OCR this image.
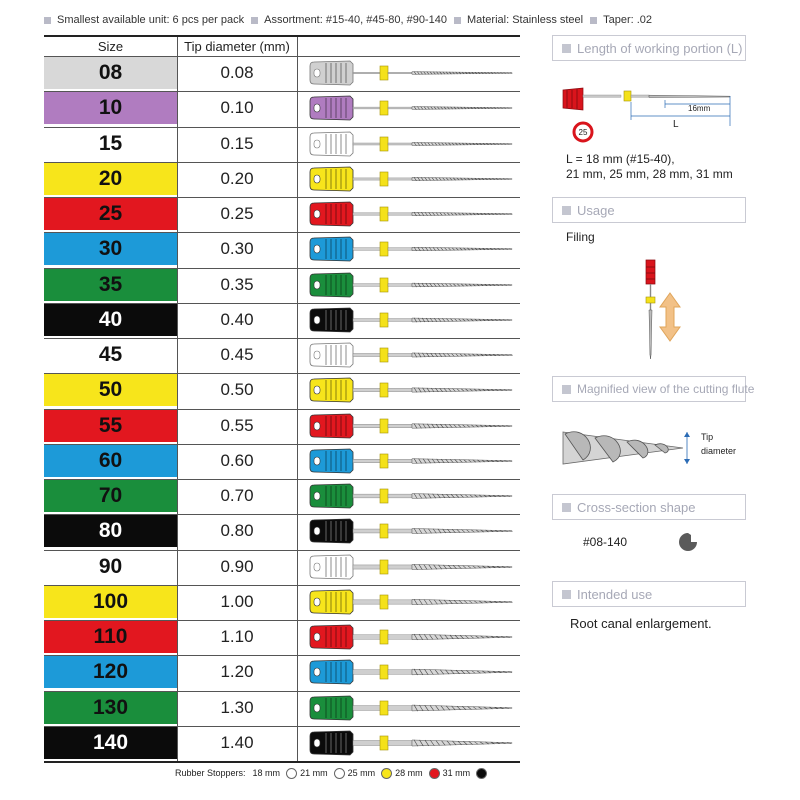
Smallest available unit: 6 pcs per pack Assortment: #15-40, #45-80, #90-140 Material: Stainless steel Taper: .02
Size	Tip diameter (mm)
08	0.08
10	0.10
15	0.15
20	0.20
25	0.25
30	0.30
35	0.35
40	0.40
45	0.45
50	0.50
55	0.55
60	0.60
70	0.70
80	0.80
90	0.90
100	1.00
110	1.10
120	1.20
130	1.30
140	1.40
Length of working portion (L)
16mm
L
25
L = 18 mm (#15-40),
21 mm, 25 mm, 28 mm, 31 mm
Usage
Filing
Magnified view of the cutting flute
Tip
diameter
Cross-section shape
#08-140
Intended use
Root canal enlargement.
Rubber Stoppers: 18 mm 21 mm 25 mm 28 mm 31 mm
